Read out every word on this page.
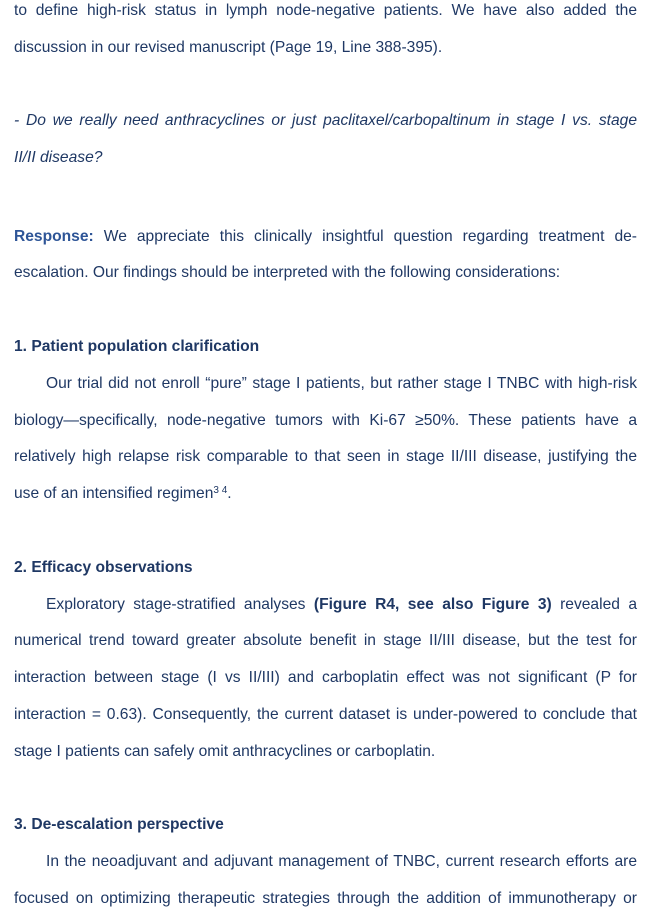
to define high-risk status in lymph node-negative patients. We have also added the
discussion in our revised manuscript (Page 19, Line 388-395).
- Do we really need anthracyclines or just paclitaxel/carbopaltinum in stage I vs. stage
II/II disease?
Response: We appreciate this clinically insightful question regarding treatment de-
escalation. Our findings should be interpreted with the following considerations:
1. Patient population clarification
Our trial did not enroll “pure” stage I patients, but rather stage I TNBC with high-risk
biology—specifically, node-negative tumors with Ki-67 ≥50%. These patients have a
relatively high relapse risk comparable to that seen in stage II/III disease, justifying the
use of an intensified regimen$^{3 4}$.
2. Efficacy observations
Exploratory stage-stratified analyses (Figure R4, see also Figure 3) revealed a
numerical trend toward greater absolute benefit in stage II/III disease, but the test for
interaction between stage (I vs II/III) and carboplatin effect was not significant (P for
interaction = 0.63). Consequently, the current dataset is under-powered to conclude that
stage I patients can safely omit anthracyclines or carboplatin.
3. De-escalation perspective
In the neoadjuvant and adjuvant management of TNBC, current research efforts are
focused on optimizing therapeutic strategies through the addition of immunotherapy or
